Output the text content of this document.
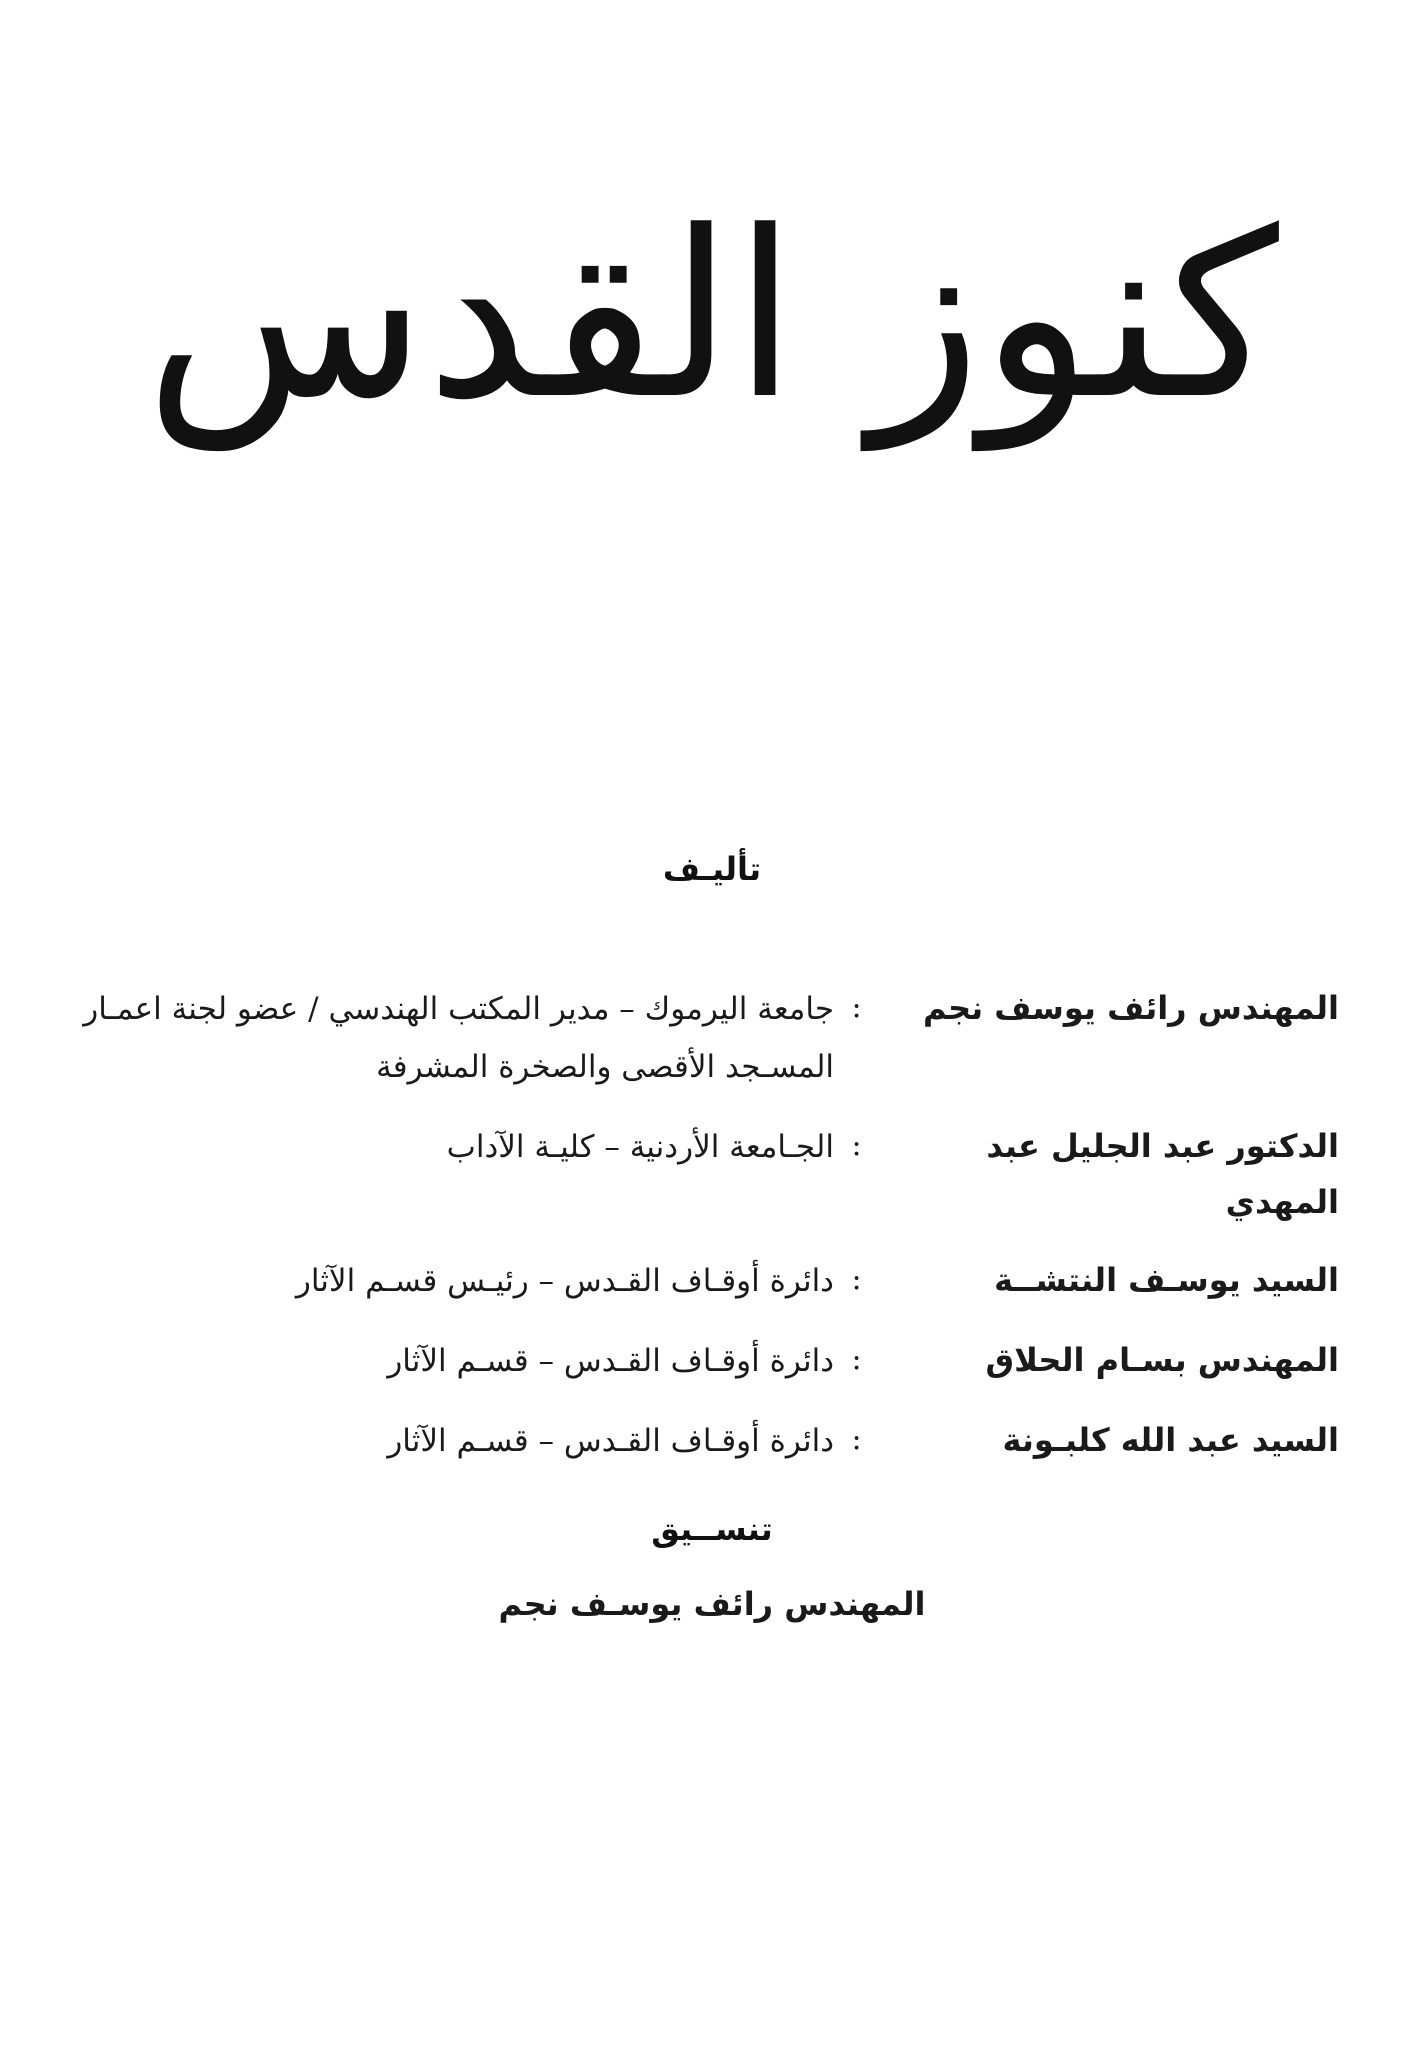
كنوز القدس
تأليـف
المهندس رائف يوسف نجم
:
جامعة اليرموك – مدير المكتب الهندسي / عضو لجنة اعمـار المسـجد الأقصى والصخرة المشرفة
الدكتور عبد الجليل عبد المهدي
:
الجـامعة الأردنية – كليـة الآداب
السيد يوسـف النتشــة
:
دائرة أوقـاف القـدس – رئيـس قسـم الآثار
المهندس بسـام الحلاق
:
دائرة أوقـاف القـدس – قسـم الآثار
السيد عبد الله كلبـونة
:
دائرة أوقـاف القـدس – قسـم الآثار
تنســيق
المهندس رائف يوسـف نجم
